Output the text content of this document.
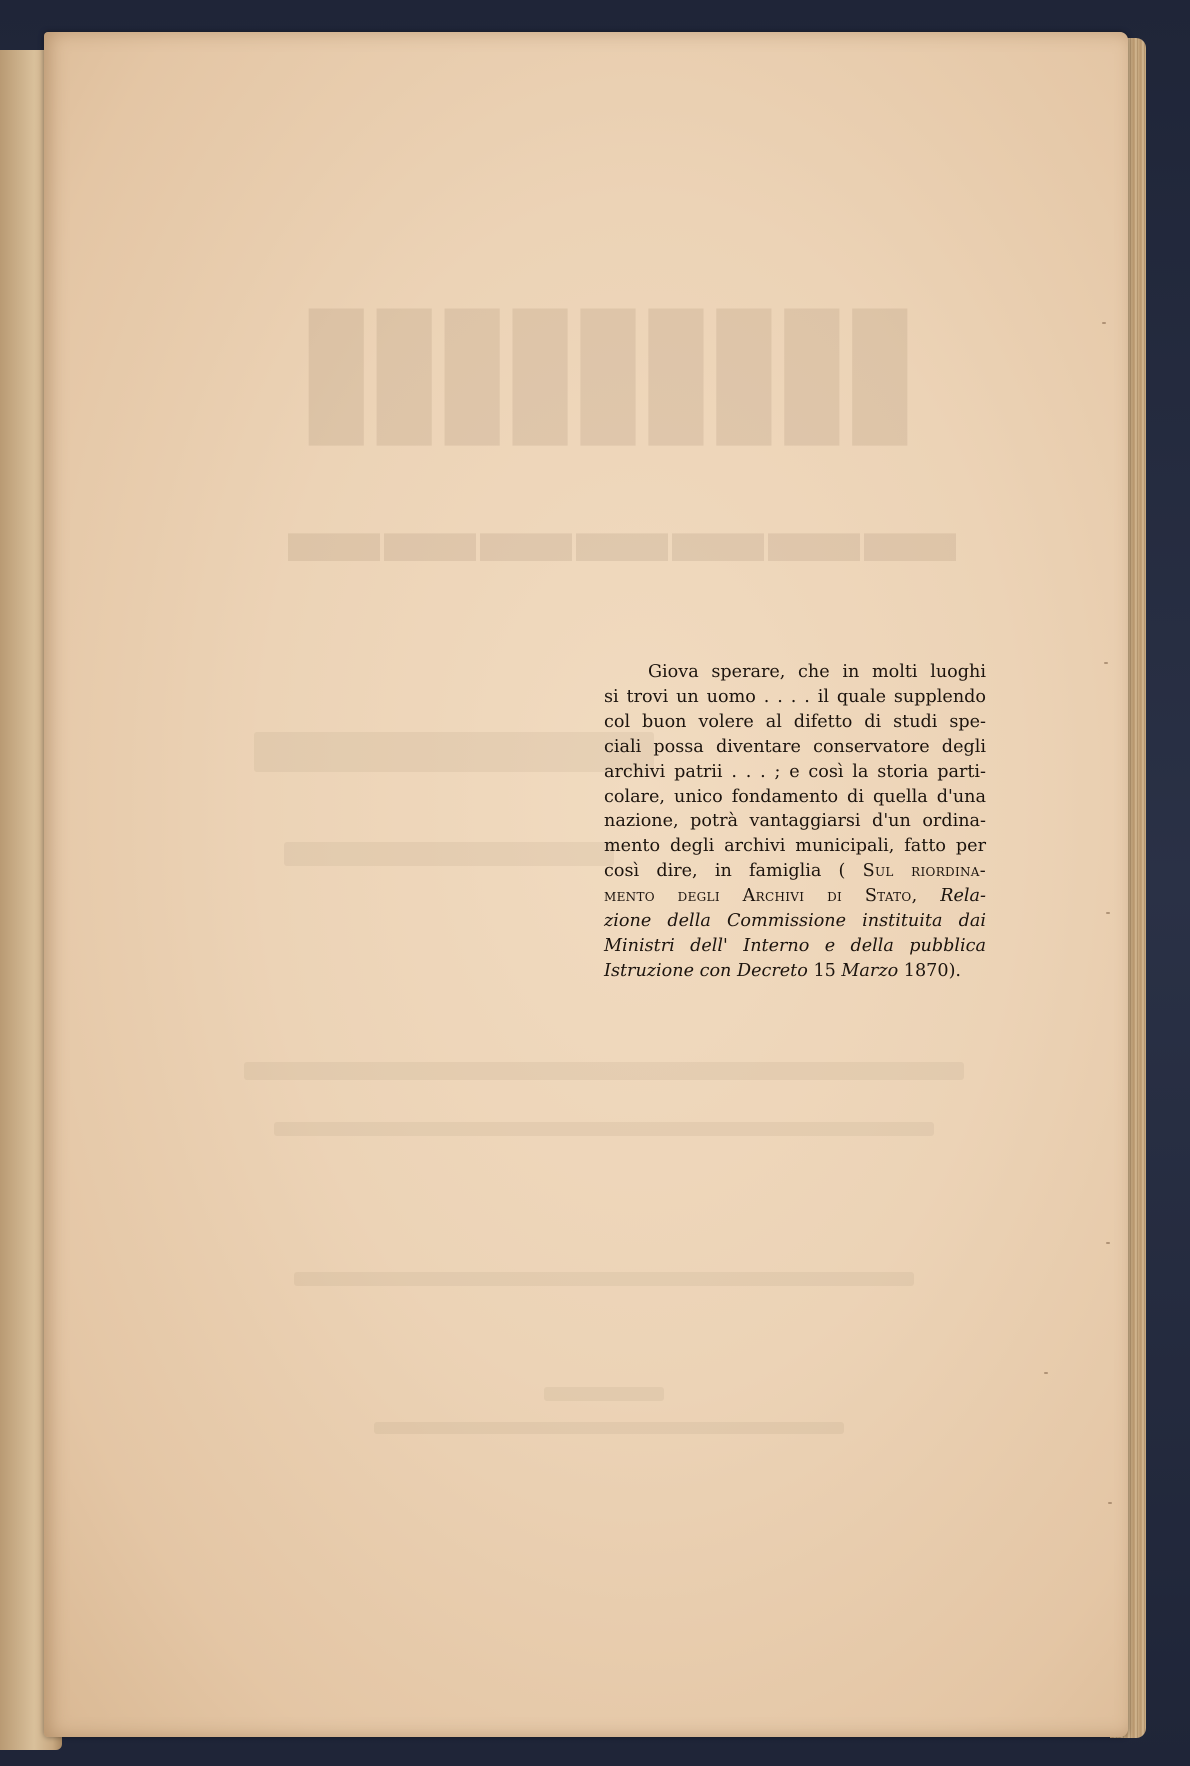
▮▮▮▮▮▮▮▮▮
▬▬▬▬▬▬▬
Giova sperare, che in molti luoghi
si trovi un uomo . . . . il quale supplendo
col buon volere al difetto di studi spe-
ciali possa diventare conservatore degli
archivi patrii . . . ; e così la storia parti-
colare, unico fondamento di quella d'una
nazione, potrà vantaggiarsi d'un ordina-
mento degli archivi municipali, fatto per
così dire, in famiglia ( Sul riordina-
mento degli Archivi di Stato, Rela-
zione della Commissione instituita dai
Ministri dell' Interno e della pubblica
Istruzione con Decreto 15 Marzo 1870).
